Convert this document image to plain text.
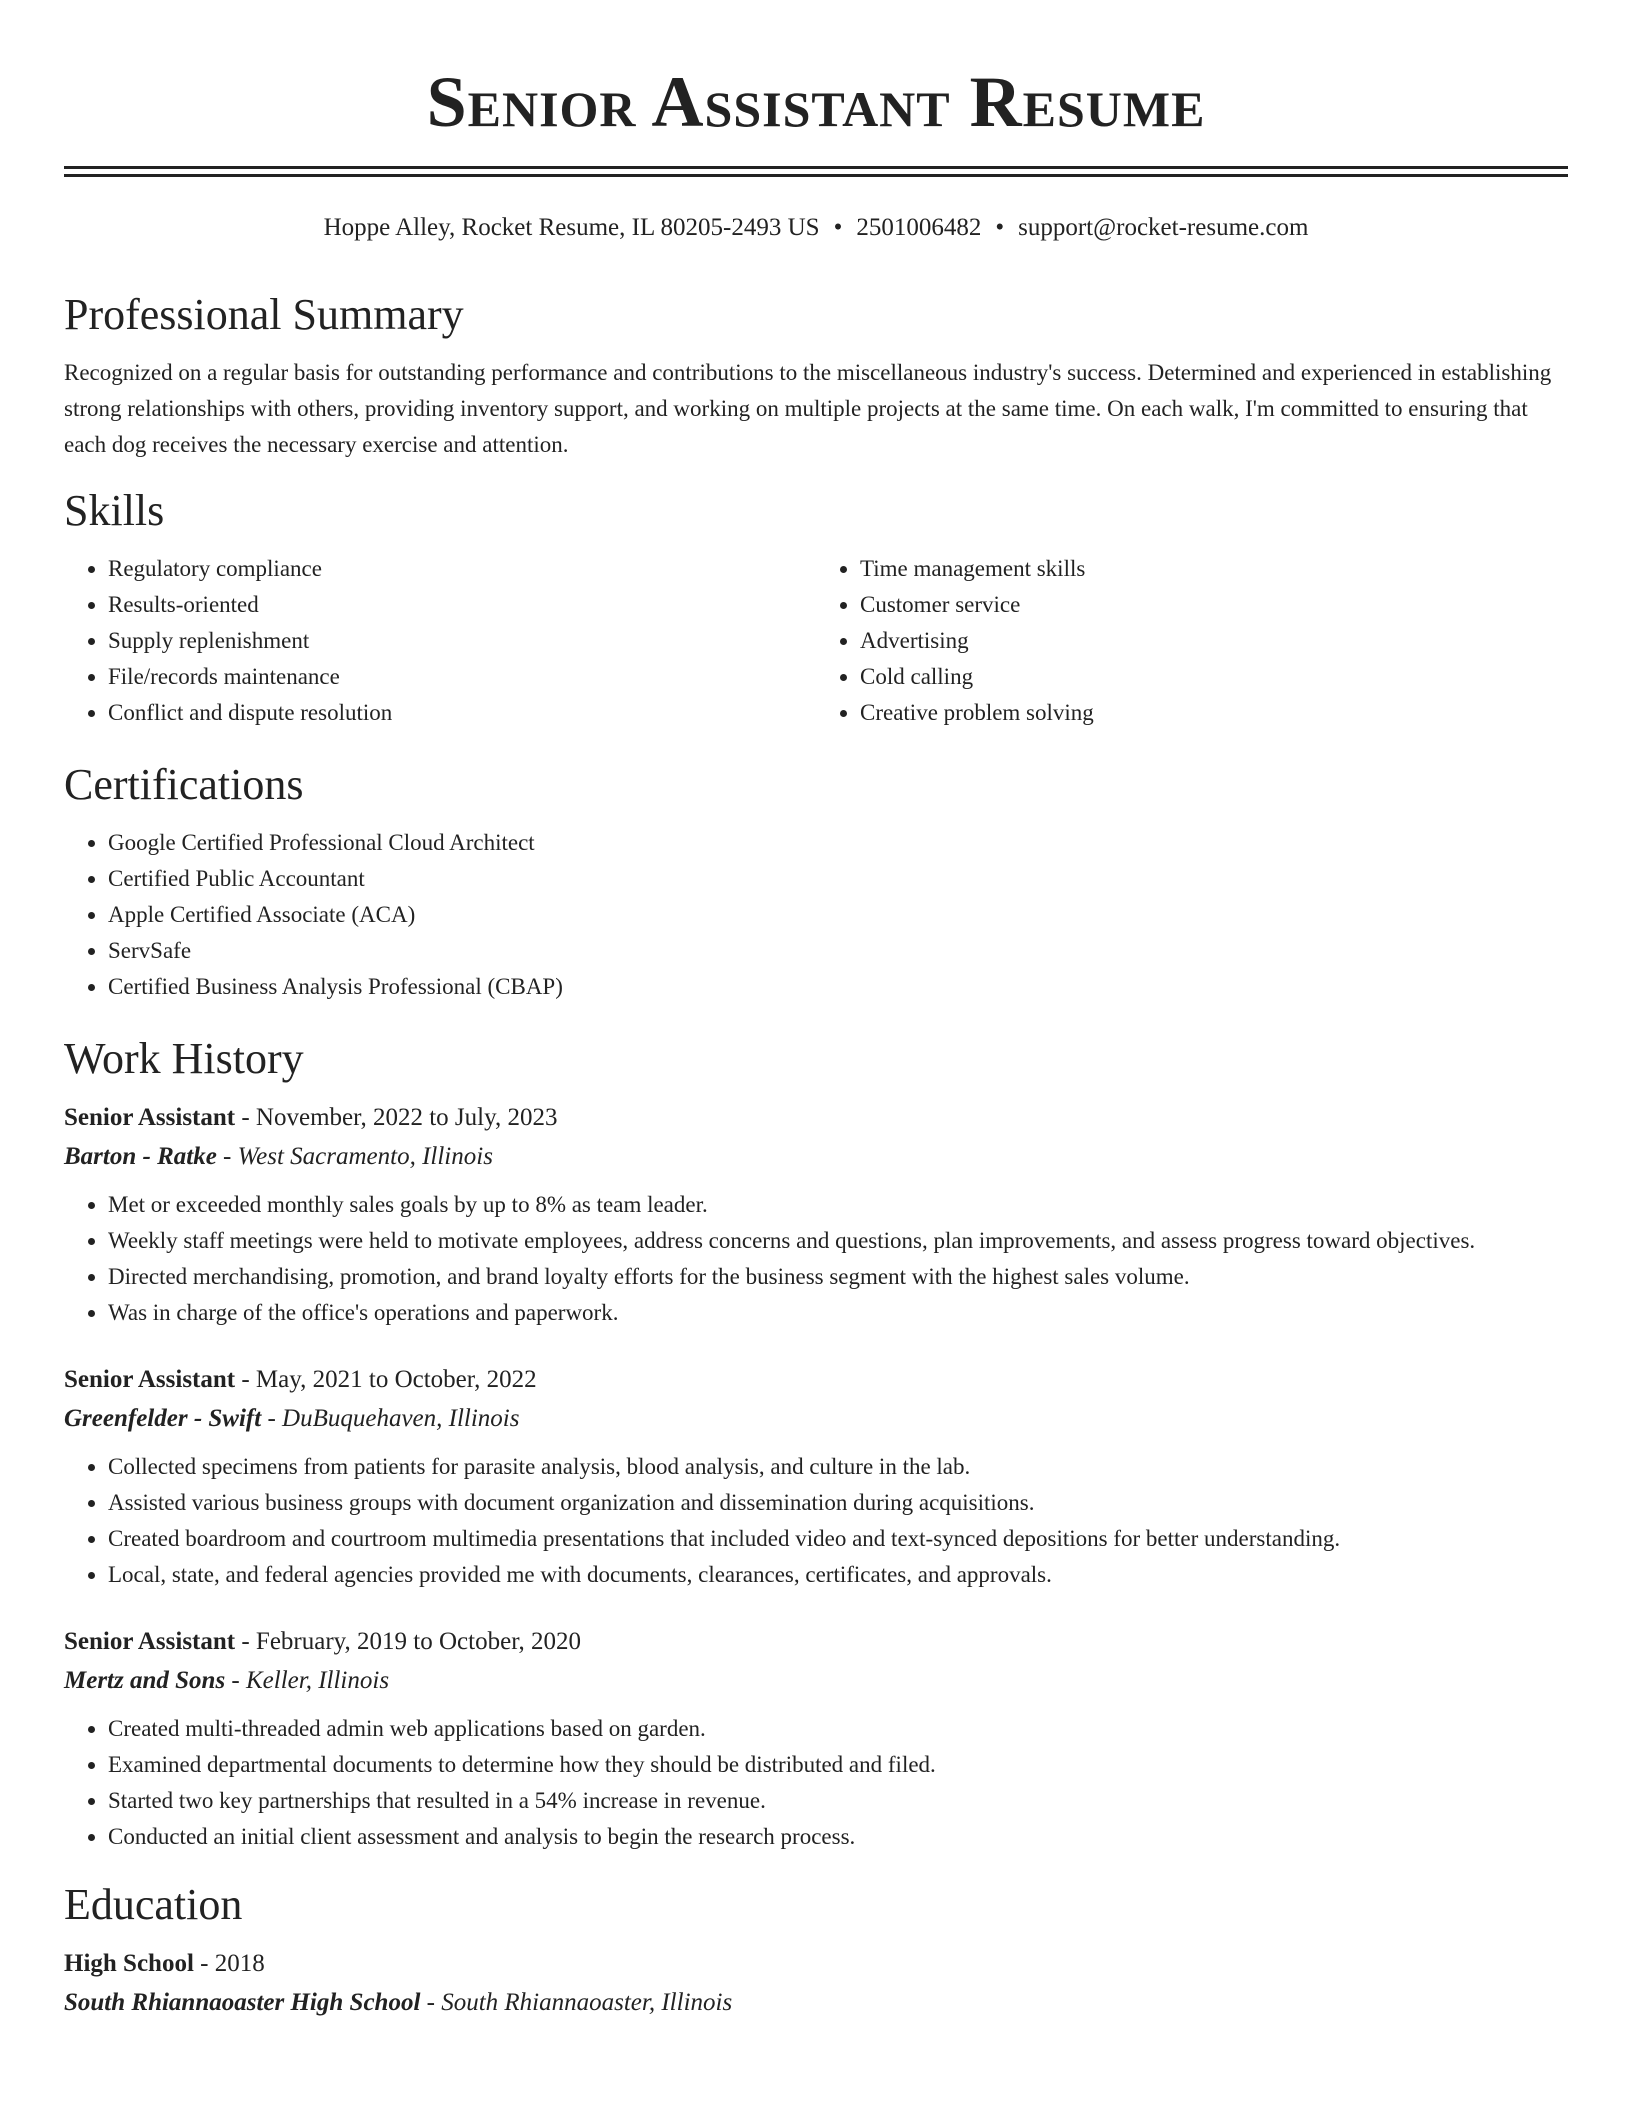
Senior Assistant Resume
Hoppe Alley, Rocket Resume, IL 80205-2493 US • 2501006482 • support@rocket-resume.com
Professional Summary

Recognized on a regular basis for outstanding performance and contributions to the miscellaneous industry's success. Determined and experienced in establishing strong relationships with others, providing inventory support, and working on multiple projects at the same time. On each walk, I'm committed to ensuring that each dog receives the necessary exercise and attention.

Skills
• Regulatory compliance
• Results-oriented
• Supply replenishment
• File/records maintenance
• Conflict and dispute resolution
• Time management skills
• Customer service
• Advertising
• Cold calling
• Creative problem solving
Certifications
• Google Certified Professional Cloud Architect
• Certified Public Accountant
• Apple Certified Associate (ACA)
• ServSafe
• Certified Business Analysis Professional (CBAP)
Work History
Senior Assistant - November, 2022 to July, 2023
Barton - Ratke - West Sacramento, Illinois
• Met or exceeded monthly sales goals by up to 8% as team leader.
• Weekly staff meetings were held to motivate employees, address concerns and questions, plan improvements, and assess progress toward objectives.
• Directed merchandising, promotion, and brand loyalty efforts for the business segment with the highest sales volume.
• Was in charge of the office's operations and paperwork.
Senior Assistant - May, 2021 to October, 2022
Greenfelder - Swift - DuBuquehaven, Illinois
• Collected specimens from patients for parasite analysis, blood analysis, and culture in the lab.
• Assisted various business groups with document organization and dissemination during acquisitions.
• Created boardroom and courtroom multimedia presentations that included video and text-synced depositions for better understanding.
• Local, state, and federal agencies provided me with documents, clearances, certificates, and approvals.
Senior Assistant - February, 2019 to October, 2020
Mertz and Sons - Keller, Illinois
• Created multi-threaded admin web applications based on garden.
• Examined departmental documents to determine how they should be distributed and filed.
• Started two key partnerships that resulted in a 54% increase in revenue.
• Conducted an initial client assessment and analysis to begin the research process.
Education
High School - 2018
South Rhiannaoaster High School - South Rhiannaoaster, Illinois
